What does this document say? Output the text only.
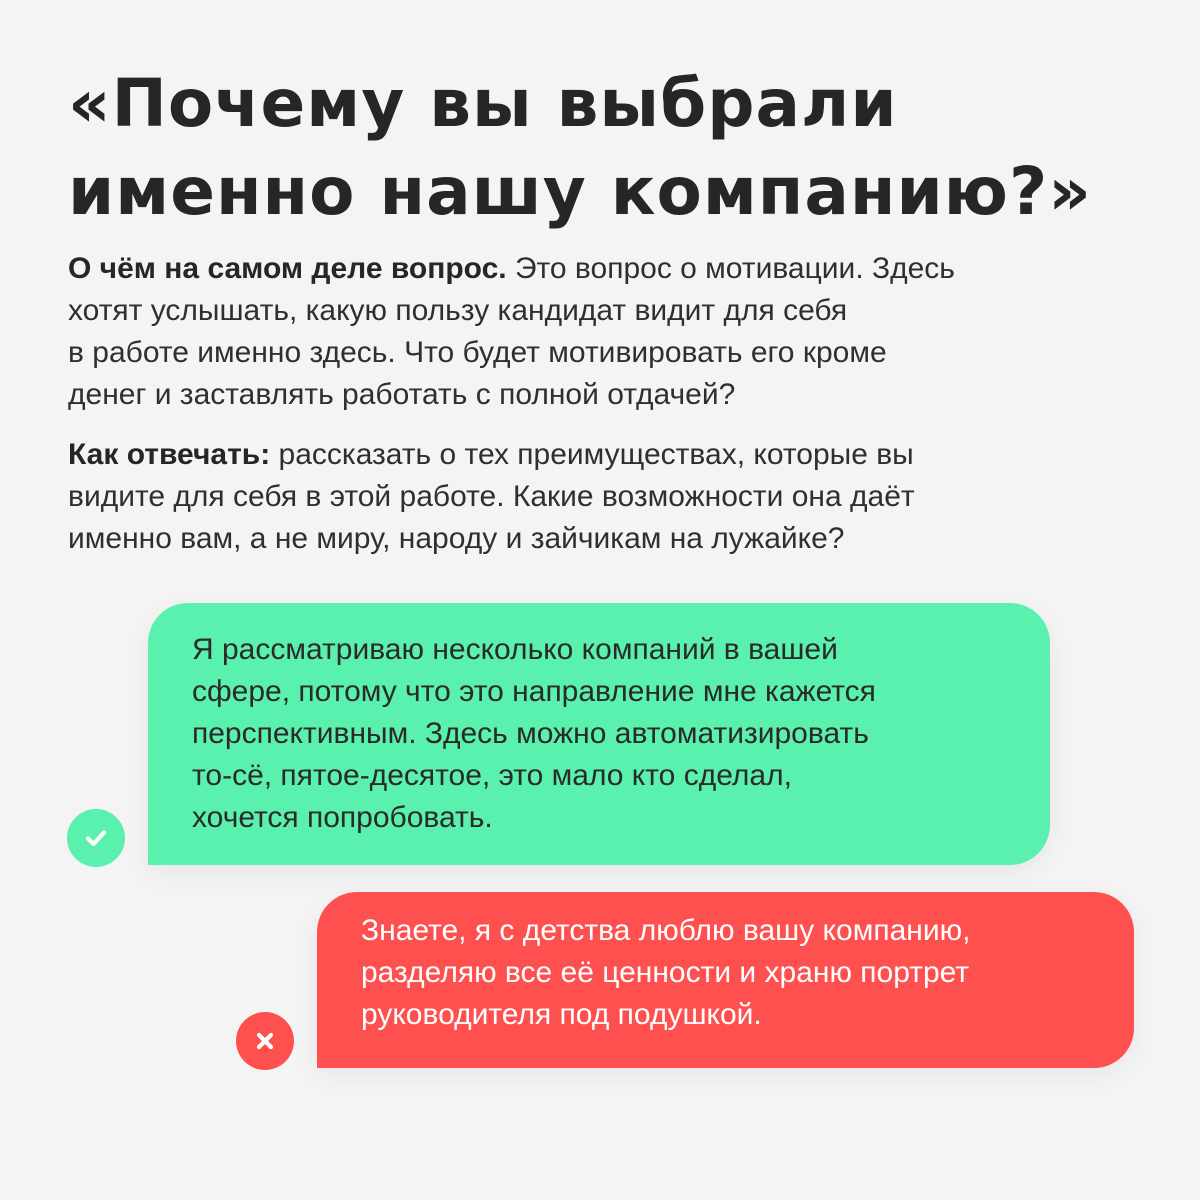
«Почему вы выбрали
именно нашу компанию?»

О чём на самом деле вопрос. Это вопрос о мотивации. Здесь
хотят услышать, какую пользу кандидат видит для себя
в работе именно здесь. Что будет мотивировать его кроме
денег и заставлять работать с полной отдачей?

Как отвечать: рассказать о тех преимуществах, которые вы
видите для себя в этой работе. Какие возможности она даёт
именно вам, а не миру, народу и зайчикам на лужайке?

Я рассматриваю несколько компаний в вашей
сфере, потому что это направление мне кажется
перспективным. Здесь можно автоматизировать
то-сё, пятое-десятое, это мало кто сделал,
хочется попробовать.
Знаете, я с детства люблю вашу компанию,
разделяю все её ценности и храню портрет
руководителя под подушкой.
